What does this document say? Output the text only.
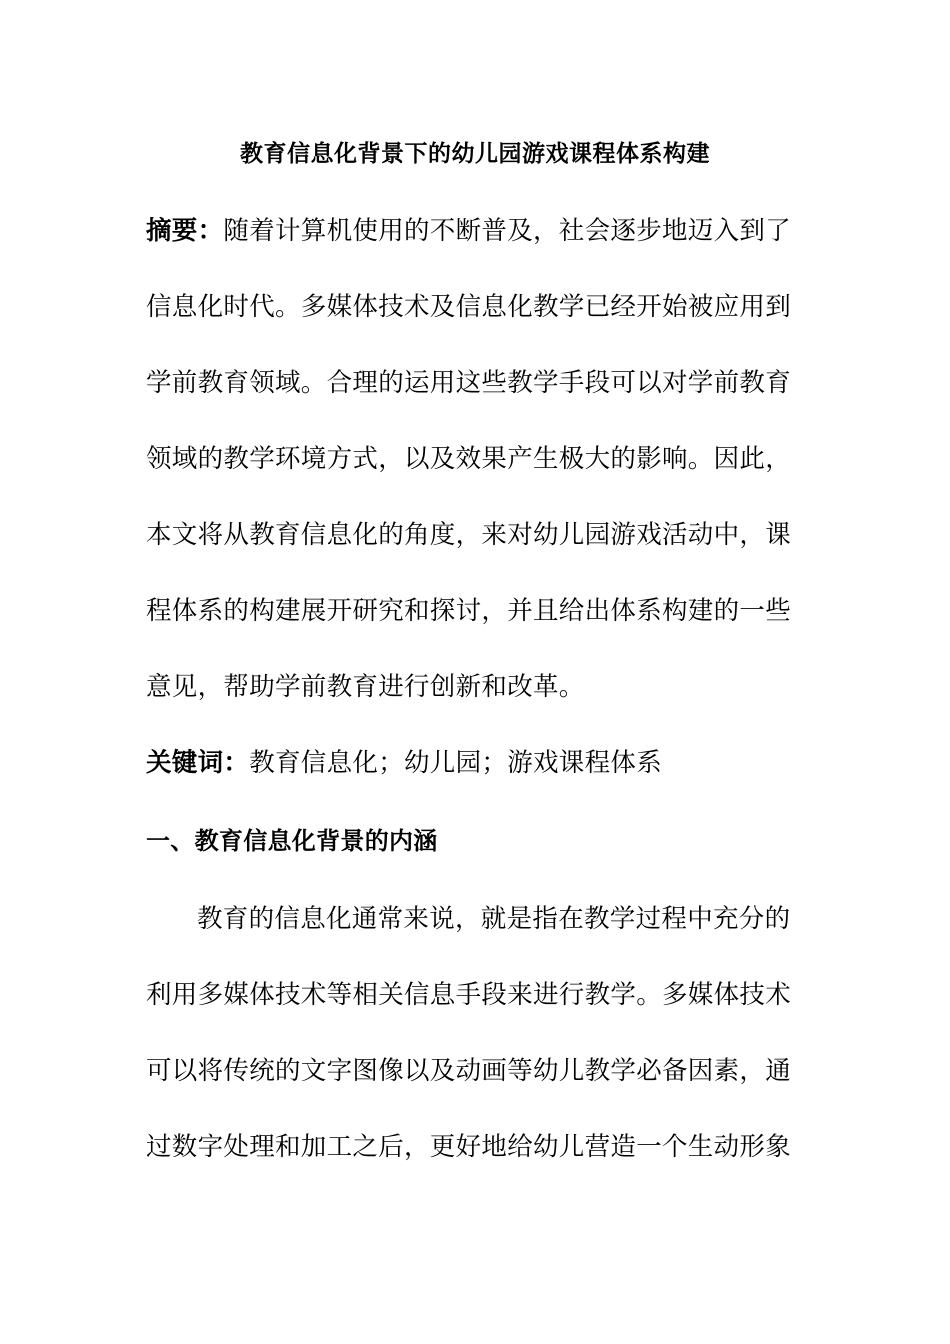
教育信息化背景下的幼儿园游戏课程体系构建
摘要：随着计算机使用的不断普及，社会逐步地迈入到了
信息化时代。多媒体技术及信息化教学已经开始被应用到
学前教育领域。合理的运用这些教学手段可以对学前教育
领域的教学环境方式，以及效果产生极大的影响。因此，
本文将从教育信息化的角度，来对幼儿园游戏活动中，课
程体系的构建展开研究和探讨，并且给出体系构建的一些
意见，帮助学前教育进行创新和改革。
关键词：教育信息化；幼儿园；游戏课程体系
一、教育信息化背景的内涵
教育的信息化通常来说，就是指在教学过程中充分的
利用多媒体技术等相关信息手段来进行教学。多媒体技术
可以将传统的文字图像以及动画等幼儿教学必备因素，通
过数字处理和加工之后，更好地给幼儿营造一个生动形象
